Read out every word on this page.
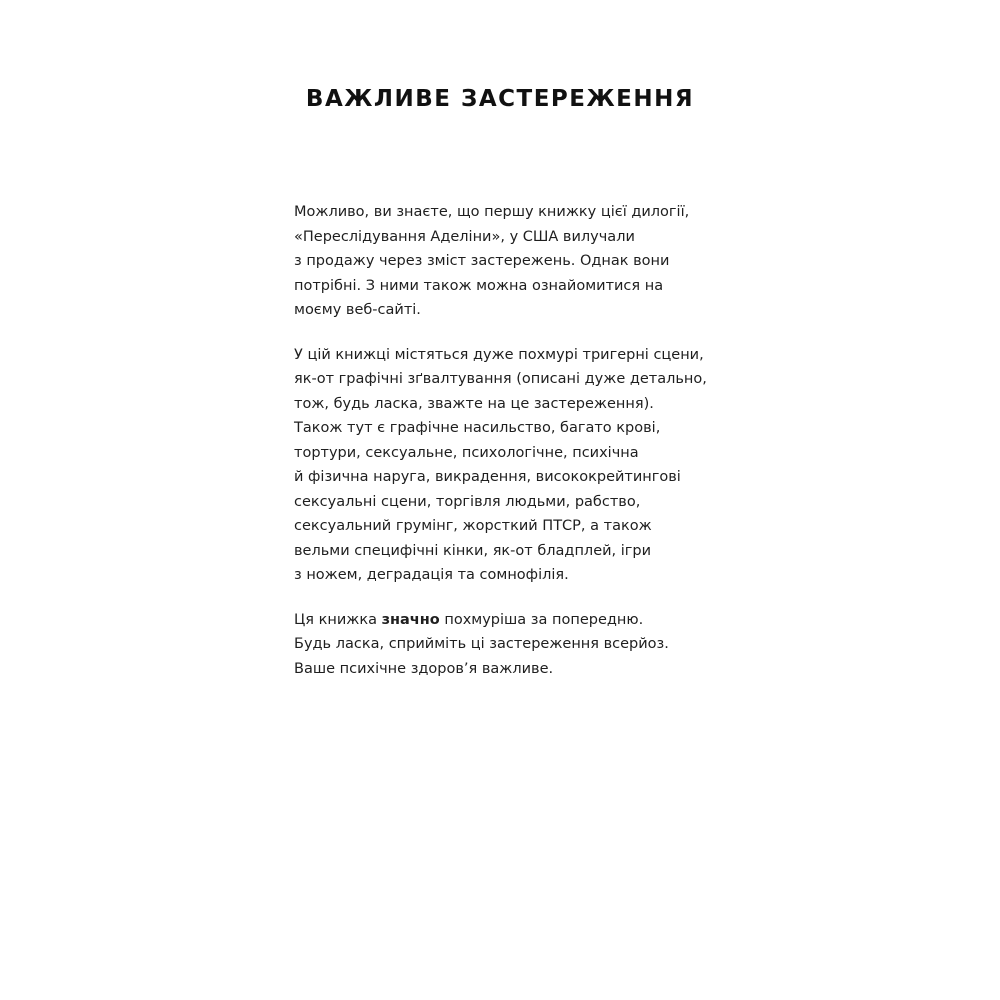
ВАЖЛИВЕ ЗАСТЕРЕЖЕННЯ

Можливо, ви знаєте, що першу книжку цієї дилогії,
«Переслідування Аделіни», у США вилучали
з продажу через зміст застережень. Однак вони
потрібні. З ними також можна ознайомитися на
моєму веб-сайті.

У цій книжці містяться дуже похмурі тригерні сцени,
як-от графічні зґвалтування (описані дуже детально,
тож, будь ласка, зважте на це застереження).
Також тут є графічне насильство, багато крові,
тортури, сексуальне, психологічне, психічна
й фізична наруга, викрадення, висококрейтингові
сексуальні сцени, торгівля людьми, рабство,
сексуальний грумінг, жорсткий ПТСР, а також
вельми специфічні кінки, як-от бладплей, ігри
з ножем, деградація та сомнофілія.

Ця книжка значно похмуріша за попередню.
Будь ласка, сприйміть ці застереження всерйоз.
Ваше психічне здоров’я важливе.
